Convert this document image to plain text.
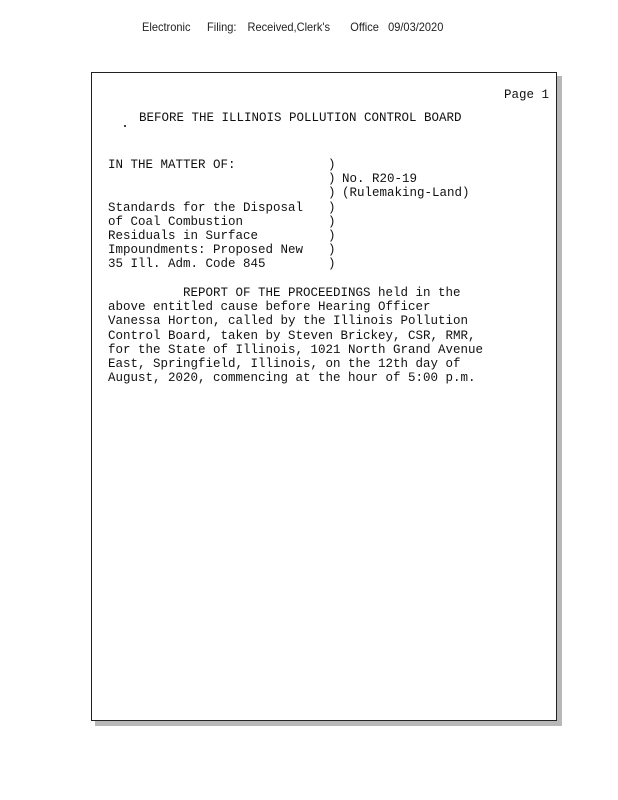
Electronic Filing: Received,Clerk's Office 09/03/2020
Page 1
BEFORE THE ILLINOIS POLLUTION CONTROL BOARD
IN THE MATTER OF:

Standards for the Disposal
of Coal Combustion
Residuals in Surface
Impoundments: Proposed New
35 Ill. Adm. Code 845
)
)
)
)
)
)
)
)
No. R20-19
(Rulemaking-Land)
REPORT OF THE PROCEEDINGS held in the
above entitled cause before Hearing Officer
Vanessa Horton, called by the Illinois Pollution
Control Board, taken by Steven Brickey, CSR, RMR,
for the State of Illinois, 1021 North Grand Avenue
East, Springfield, Illinois, on the 12th day of
August, 2020, commencing at the hour of 5:00 p.m.
